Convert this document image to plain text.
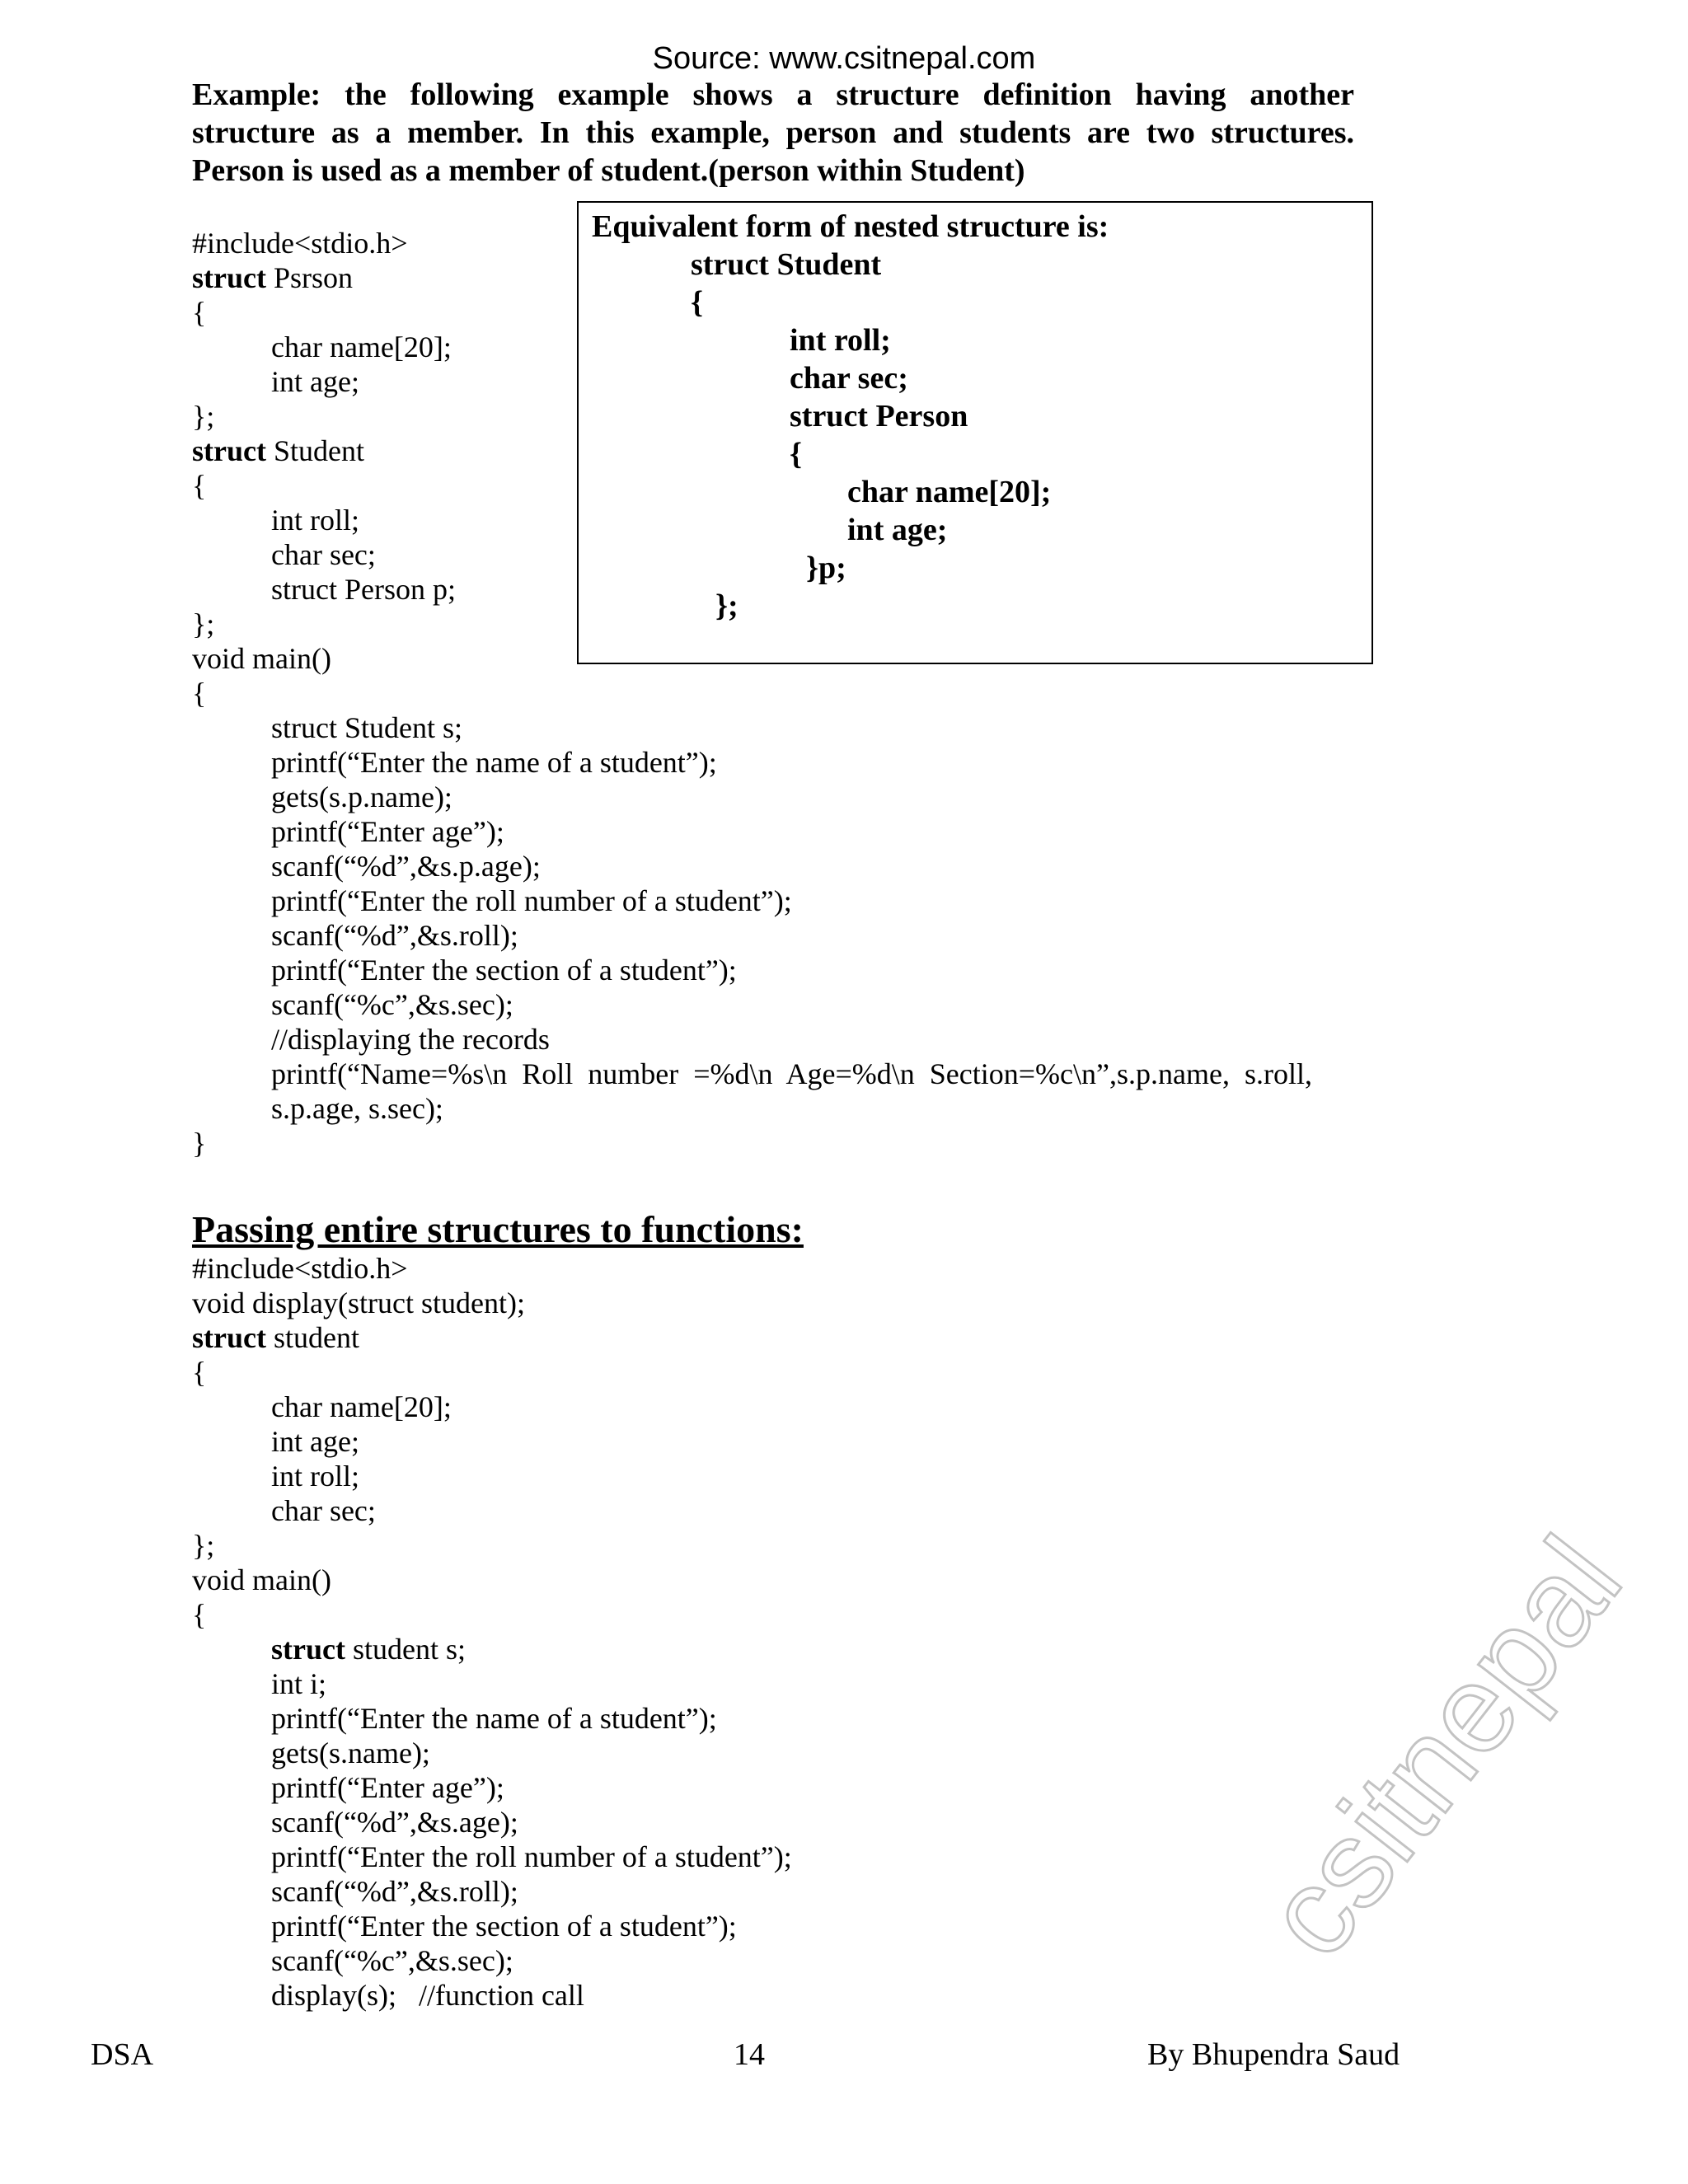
Source: www.csitnepal.com
Example: the following example shows a structure definition having another
structure as a member. In this example, person and students are two structures.
Person is used as a member of student.(person within Student)
#include<stdio.h>
struct Psrson
{
char name[20];
int age;
};
struct Student
{
int roll;
char sec;
struct Person p;
};
void main()
{
struct Student s;
printf(“Enter the name of a student”);
gets(s.p.name);
printf(“Enter age”);
scanf(“%d”,&s.p.age);
printf(“Enter the roll number of a student”);
scanf(“%d”,&s.roll);
printf(“Enter the section of a student”);
scanf(“%c”,&s.sec);
//displaying the records
printf(“Name=%s\n  Roll  number  =%d\n  Age=%d\n  Section=%c\n”,s.p.name,  s.roll,
s.p.age, s.sec);
}
Equivalent form of nested structure is:
struct Student
{
int roll;
char sec;
struct Person
{
char name[20];
int age;
}p;
};
Passing entire structures to functions:
#include<stdio.h>
void display(struct student);
struct student
{
char name[20];
int age;
int roll;
char sec;
};
void main()
{
struct student s;
int i;
printf(“Enter the name of a student”);
gets(s.name);
printf(“Enter age”);
scanf(“%d”,&s.age);
printf(“Enter the roll number of a student”);
scanf(“%d”,&s.roll);
printf(“Enter the section of a student”);
scanf(“%c”,&s.sec);
display(s);   //function call
DSA	14	By Bhupendra Saud
csitnepal
